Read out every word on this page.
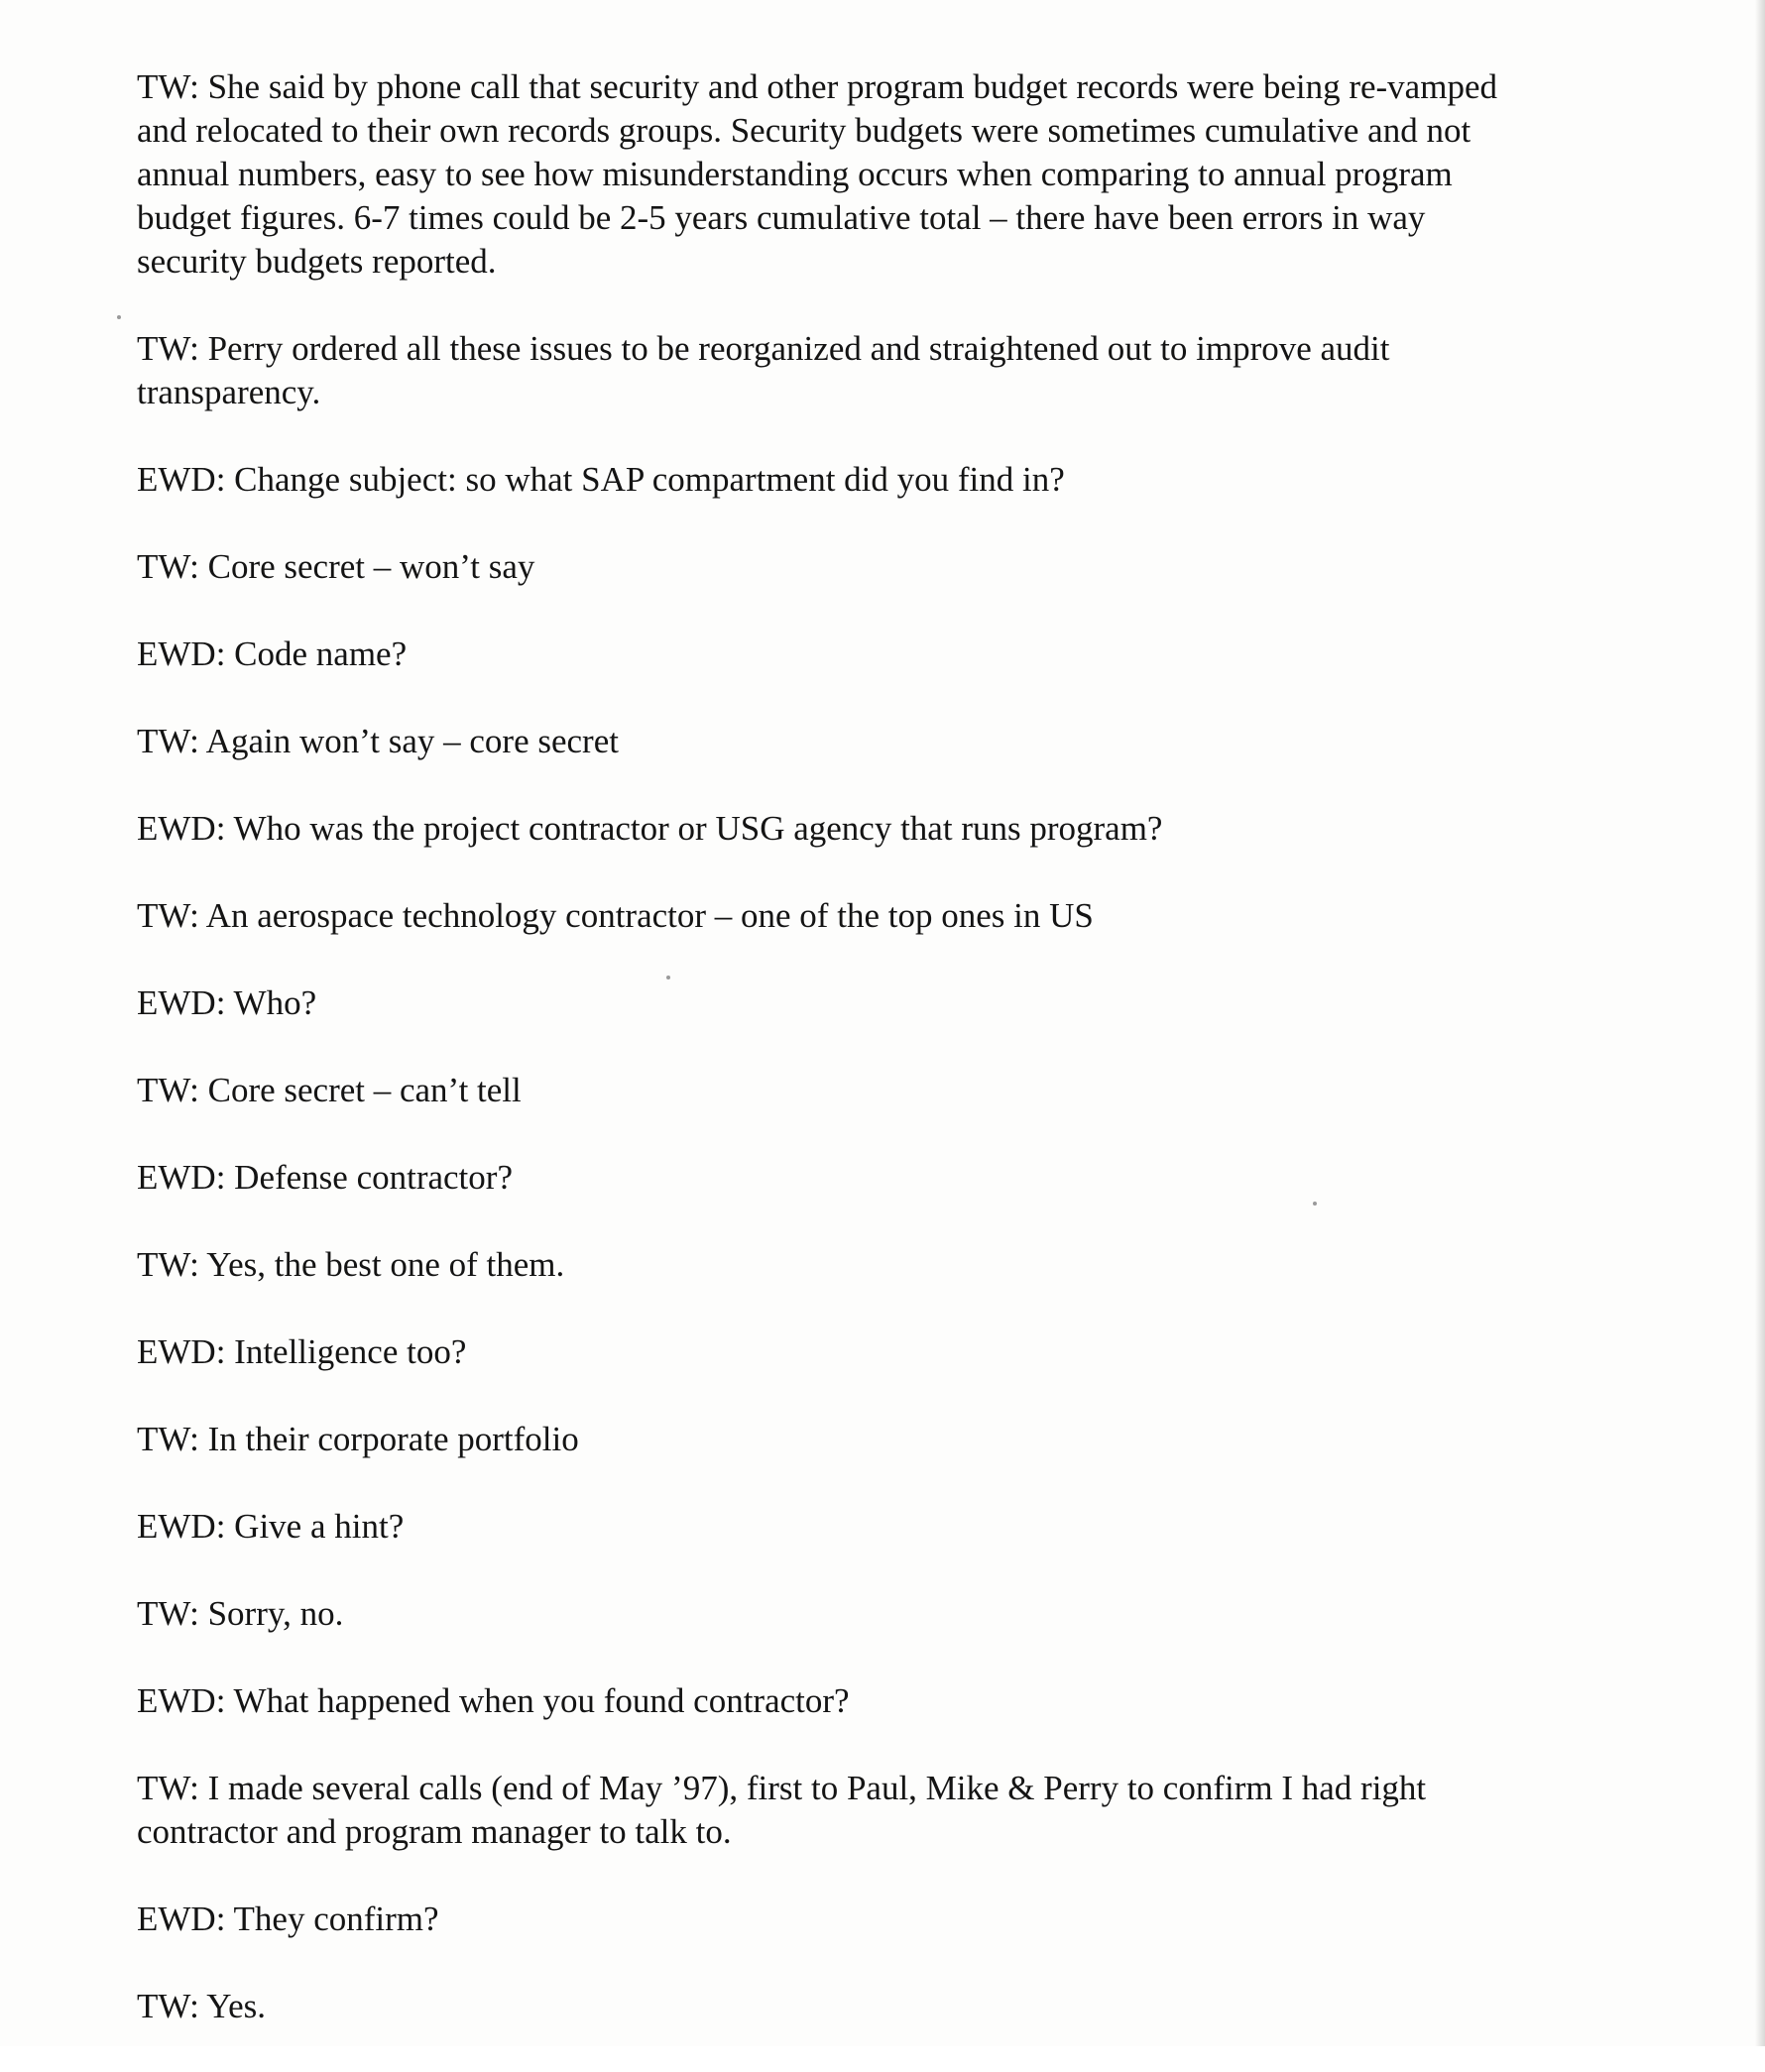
TW: She said by phone call that security and other program budget records were being re-vamped and relocated to their own records groups. Security budgets were sometimes cumulative and not annual numbers, easy to see how misunderstanding occurs when comparing to annual program budget figures. 6-7 times could be 2-5 years cumulative total – there have been errors in way security budgets reported.

TW: Perry ordered all these issues to be reorganized and straightened out to improve audit transparency.

EWD: Change subject: so what SAP compartment did you find in?

TW: Core secret – won’t say

EWD: Code name?

TW: Again won’t say – core secret

EWD: Who was the project contractor or USG agency that runs program?

TW: An aerospace technology contractor – one of the top ones in US

EWD: Who?

TW: Core secret – can’t tell

EWD: Defense contractor?

TW: Yes, the best one of them.

EWD: Intelligence too?

TW: In their corporate portfolio

EWD: Give a hint?

TW: Sorry, no.

EWD: What happened when you found contractor?

TW: I made several calls (end of May ’97), first to Paul, Mike & Perry to confirm I had right contractor and program manager to talk to.

EWD: They confirm?

TW: Yes.
